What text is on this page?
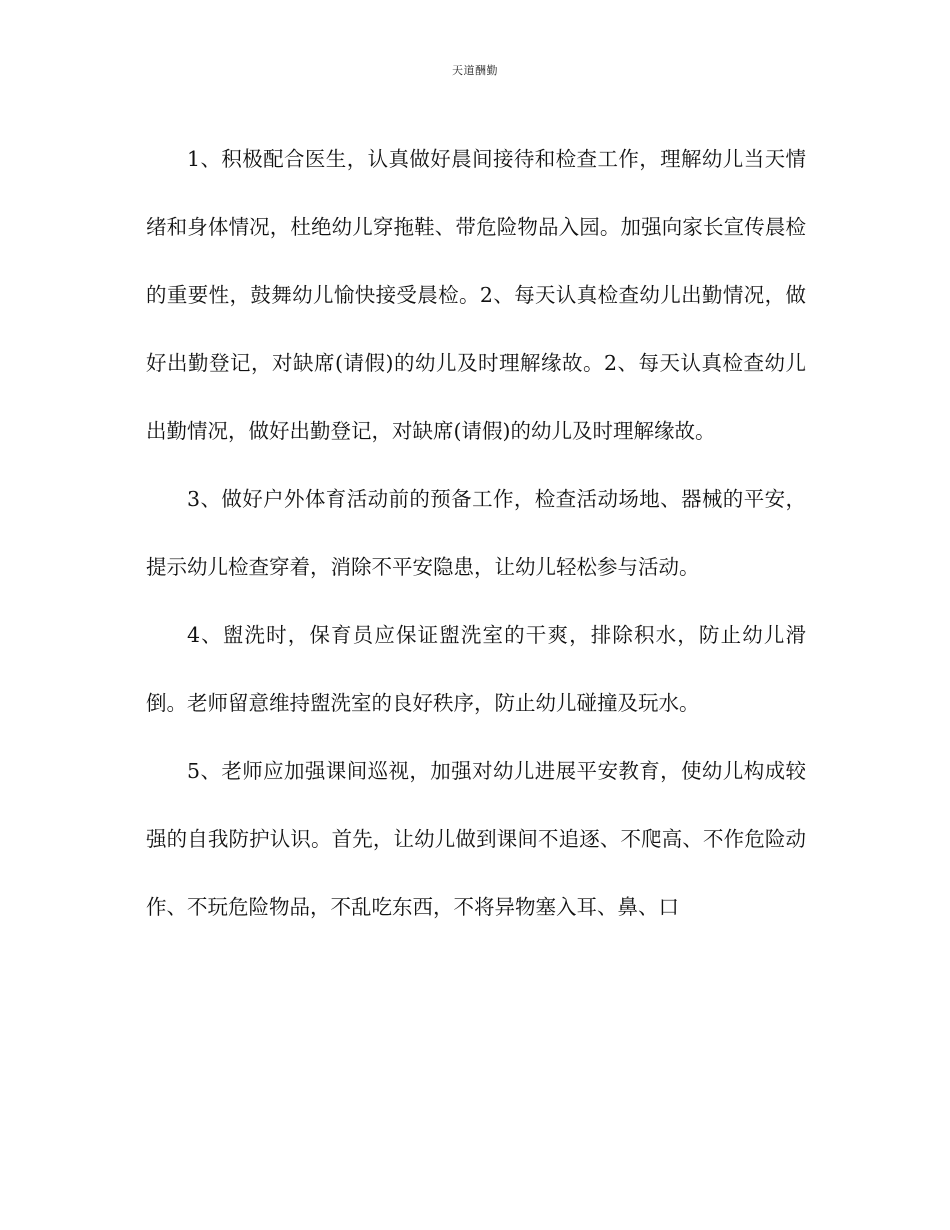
天道酬勤

1、积极配合医生，认真做好晨间接待和检查工作，理解幼儿当天情绪和身体情况，杜绝幼儿穿拖鞋、带危险物品入园。加强向家长宣传晨检的重要性，鼓舞幼儿愉快接受晨检。2、每天认真检查幼儿出勤情况，做好出勤登记，对缺席(请假)的幼儿及时理解缘故。2、每天认真检查幼儿出勤情况，做好出勤登记，对缺席(请假)的幼儿及时理解缘故。

3、做好户外体育活动前的预备工作，检查活动场地、器械的平安，提示幼儿检查穿着，消除不平安隐患，让幼儿轻松参与活动。

4、盥洗时，保育员应保证盥洗室的干爽，排除积水，防止幼儿滑倒。老师留意维持盥洗室的良好秩序，防止幼儿碰撞及玩水。

5、老师应加强课间巡视，加强对幼儿进展平安教育，使幼儿构成较强的自我防护认识。首先，让幼儿做到课间不追逐、不爬高、不作危险动作、不玩危险物品，不乱吃东西，不将异物塞入耳、鼻、口
